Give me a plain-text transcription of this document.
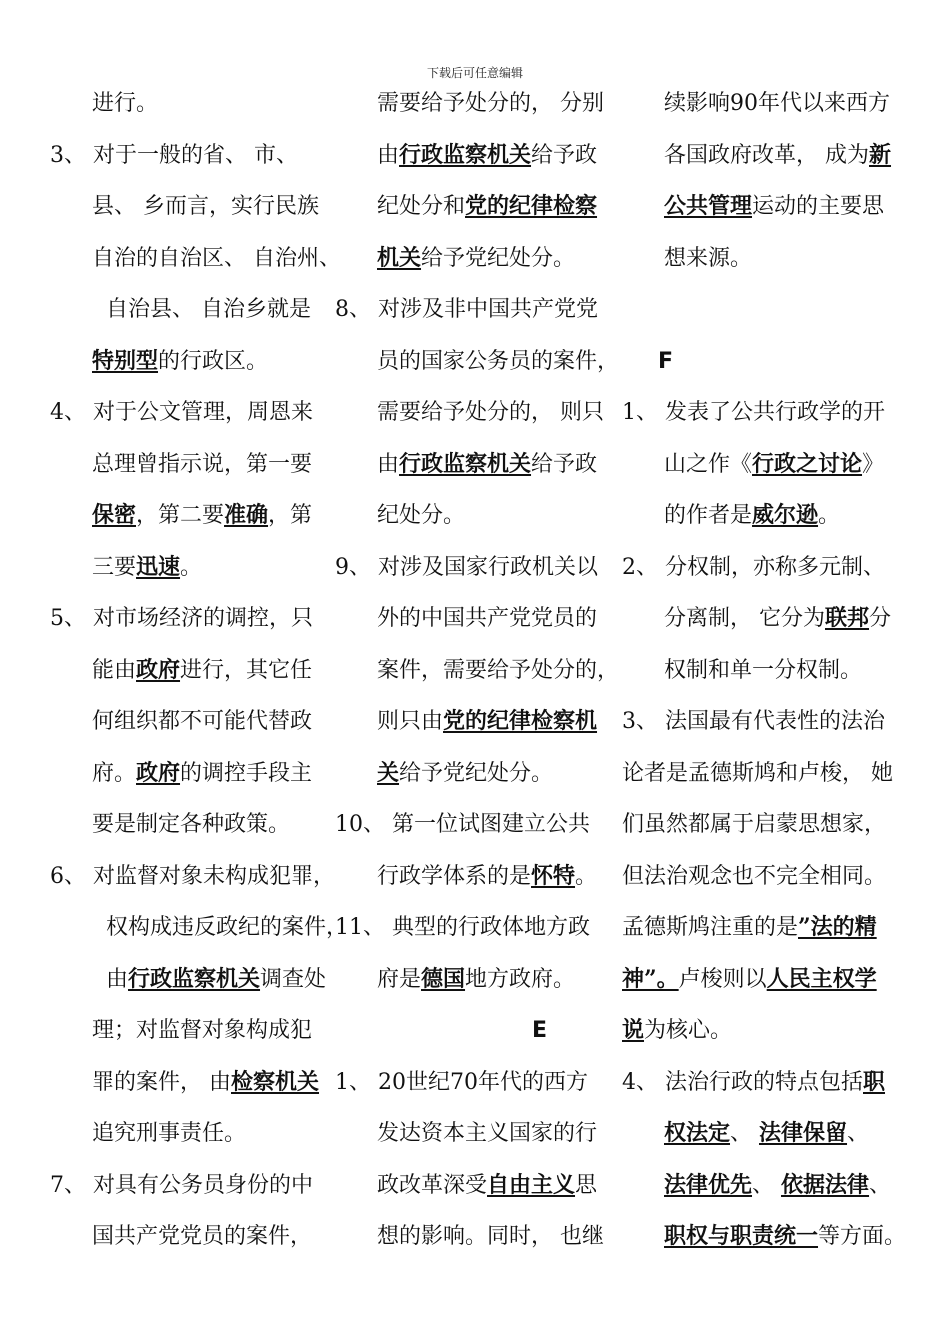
下载后可任意编辑
进行。
3、 对于一般的省、 市、
县、 乡而言，实行民族
自治的自治区、 自治州、
自治县、 自治乡就是
特别型的行政区。
4、 对于公文管理，周恩来
总理曾指示说，第一要
保密，第二要准确，第
三要迅速。
5、 对市场经济的调控，只
能由政府进行，其它任
何组织都不可能代替政
府。政府的调控手段主
要是制定各种政策。
6、 对监督对象未构成犯罪，
权构成违反政纪的案件，
由行政监察机关调查处
理；对监督对象构成犯
罪的案件， 由检察机关
追究刑事责任。
7、 对具有公务员身份的中
国共产党党员的案件，
需要给予处分的， 分别
由行政监察机关给予政
纪处分和党的纪律检察
机关给予党纪处分。
8、 对涉及非中国共产党党
员的国家公务员的案件，
需要给予处分的， 则只
由行政监察机关给予政
纪处分。
9、 对涉及国家行政机关以
外的中国共产党党员的
案件，需要给予处分的，
则只由党的纪律检察机
关给予党纪处分。
10、 第一位试图建立公共
行政学体系的是怀特。
11、 典型的行政体地方政
府是德国地方政府。
E
1、 20世纪70年代的西方
发达资本主义国家的行
政改革深受自由主义思
想的影响。同时， 也继
续影响90年代以来西方
各国政府改革， 成为新
公共管理运动的主要思
想来源。
F
1、 发表了公共行政学的开
山之作《行政之讨论》
的作者是威尔逊。
2、 分权制，亦称多元制、
分离制， 它分为联邦分
权制和单一分权制。
3、 法国最有代表性的法治
论者是孟德斯鸠和卢梭， 她
们虽然都属于启蒙思想家，
但法治观念也不完全相同。
孟德斯鸠注重的是”法的精
神”。卢梭则以人民主权学
说为核心。
4、 法治行政的特点包括职
权法定、 法律保留、
法律优先、 依据法律、
职权与职责统一等方面。
